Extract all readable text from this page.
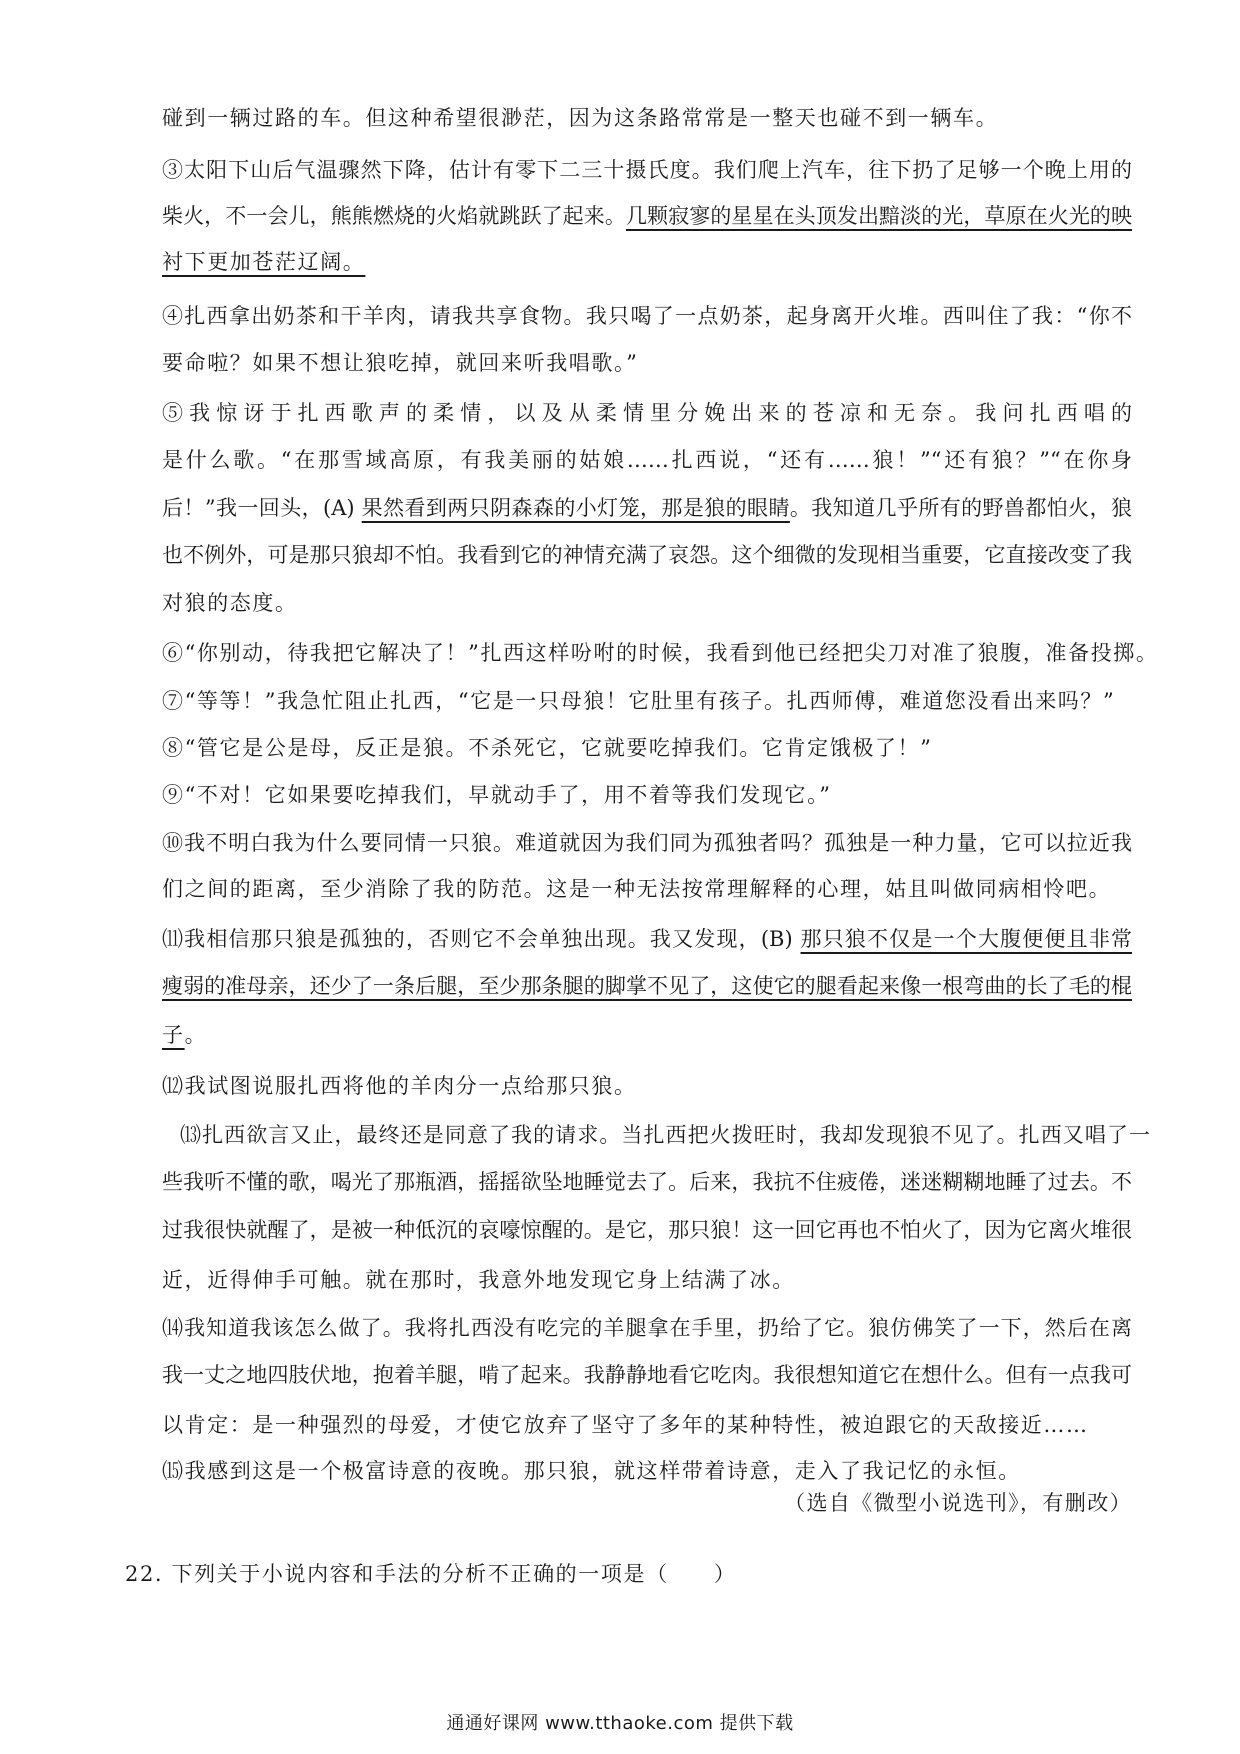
碰到一辆过路的车。但这种希望很渺茫，因为这条路常常是一整天也碰不到一辆车。
③太阳下山后气温骤然下降，估计有零下二三十摄氏度。我们爬上汽车，往下扔了足够一个晚上用的
柴火，不一会儿，熊熊燃烧的火焰就跳跃了起来。几颗寂寥的星星在头顶发出黯淡的光，草原在火光的映
衬下更加苍茫辽阔。
④扎西拿出奶茶和干羊肉，请我共享食物。我只喝了一点奶茶，起身离开火堆。西叫住了我：“你不
要命啦？如果不想让狼吃掉，就回来听我唱歌。”
⑤我惊讶于扎西歌声的柔情，以及从柔情里分娩出来的苍凉和无奈。我问扎西唱的
是什么歌。“在那雪域高原，有我美丽的姑娘……扎西说，“还有……狼！”“还有狼？”“在你身
后！”我一回头，(A) 果然看到两只阴森森的小灯笼，那是狼的眼睛。我知道几乎所有的野兽都怕火，狼
也不例外，可是那只狼却不怕。我看到它的神情充满了哀怨。这个细微的发现相当重要，它直接改变了我
对狼的态度。
⑥“你别动，待我把它解决了！”扎西这样吩咐的时候，我看到他已经把尖刀对准了狼腹，准备投掷。
⑦“等等！”我急忙阻止扎西，“它是一只母狼！它肚里有孩子。扎西师傅，难道您没看出来吗？”
⑧“管它是公是母，反正是狼。不杀死它，它就要吃掉我们。它肯定饿极了！”
⑨“不对！它如果要吃掉我们，早就动手了，用不着等我们发现它。”
⑩我不明白我为什么要同情一只狼。难道就因为我们同为孤独者吗？孤独是一种力量，它可以拉近我
们之间的距离，至少消除了我的防范。这是一种无法按常理解释的心理，姑且叫做同病相怜吧。
⑾我相信那只狼是孤独的，否则它不会单独出现。我又发现，(B) 那只狼不仅是一个大腹便便且非常
瘦弱的准母亲，还少了一条后腿，至少那条腿的脚掌不见了，这使它的腿看起来像一根弯曲的长了毛的棍
子。
⑿我试图说服扎西将他的羊肉分一点给那只狼。
⒀扎西欲言又止，最终还是同意了我的请求。当扎西把火拨旺时，我却发现狼不见了。扎西又唱了一
些我听不懂的歌，喝光了那瓶酒，摇摇欲坠地睡觉去了。后来，我抗不住疲倦，迷迷糊糊地睡了过去。不
过我很快就醒了，是被一种低沉的哀嚎惊醒的。是它，那只狼！这一回它再也不怕火了，因为它离火堆很
近，近得伸手可触。就在那时，我意外地发现它身上结满了冰。
⒁我知道我该怎么做了。我将扎西没有吃完的羊腿拿在手里，扔给了它。狼仿佛笑了一下，然后在离
我一丈之地四肢伏地，抱着羊腿，啃了起来。我静静地看它吃肉。我很想知道它在想什么。但有一点我可
以肯定：是一种强烈的母爱，才使它放弃了坚守了多年的某种特性，被迫跟它的天敌接近……
⒂我感到这是一个极富诗意的夜晚。那只狼，就这样带着诗意，走入了我记忆的永恒。
（选自《微型小说选刊》，有删改）
22. 下列关于小说内容和手法的分析不正确的一项是（　　）
通通好课网 www.tthaoke.com 提供下载
